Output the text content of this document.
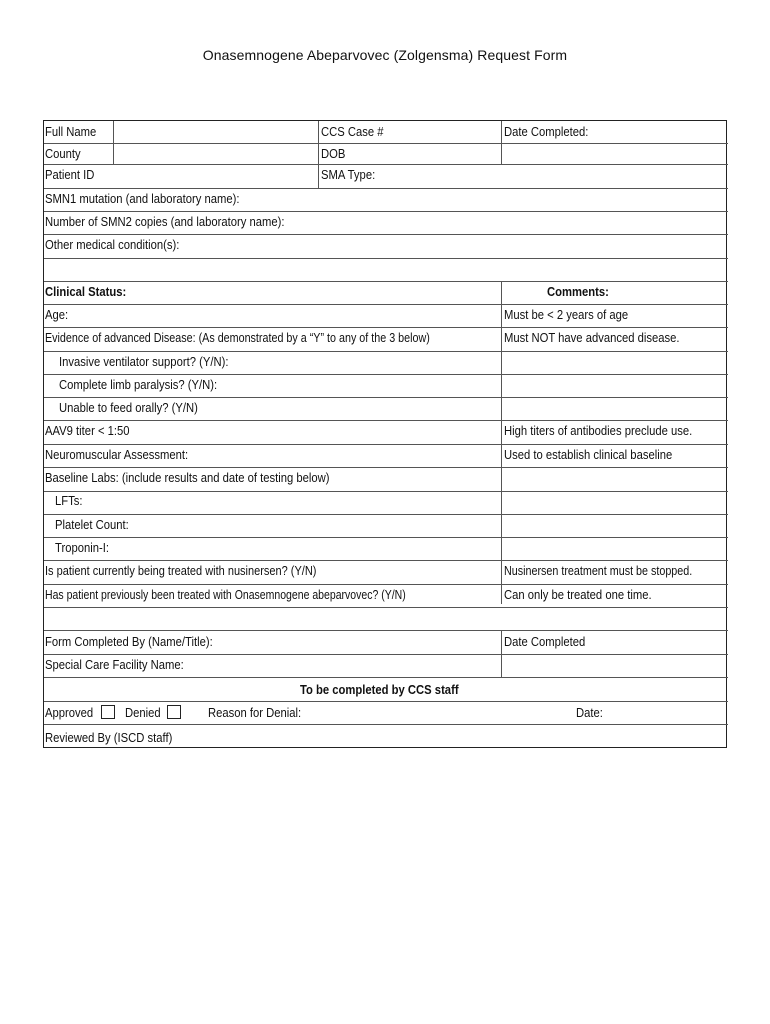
Onasemnogene Abeparvovec (Zolgensma) Request Form
Full Name	CCS Case #	Date Completed:
County	DOB
Patient ID	SMA Type:
SMN1 mutation (and laboratory name):
Number of SMN2 copies (and laboratory name):
Other medical condition(s):
Clinical Status:	Comments:
Age:	Must be < 2 years of age
Evidence of advanced Disease: (As demonstrated by a “Y” to any of the 3 below)	Must NOT have advanced disease.
Invasive ventilator support? (Y/N):
Complete limb paralysis? (Y/N):
Unable to feed orally? (Y/N)
AAV9 titer < 1:50	High titers of antibodies preclude use.
Neuromuscular Assessment:	Used to establish clinical baseline
Baseline Labs: (include results and date of testing below)
LFTs:
Platelet Count:
Troponin-I:
Is patient currently being treated with nusinersen? (Y/N)	Nusinersen treatment must be stopped.
Has patient previously been treated with Onasemnogene abeparvovec? (Y/N)	Can only be treated one time.
Form Completed By (Name/Title):	Date Completed
Special Care Facility Name:
To be completed by CCS staff
Approved	Denied	Reason for Denial:	Date:
Reviewed By (ISCD staff)
